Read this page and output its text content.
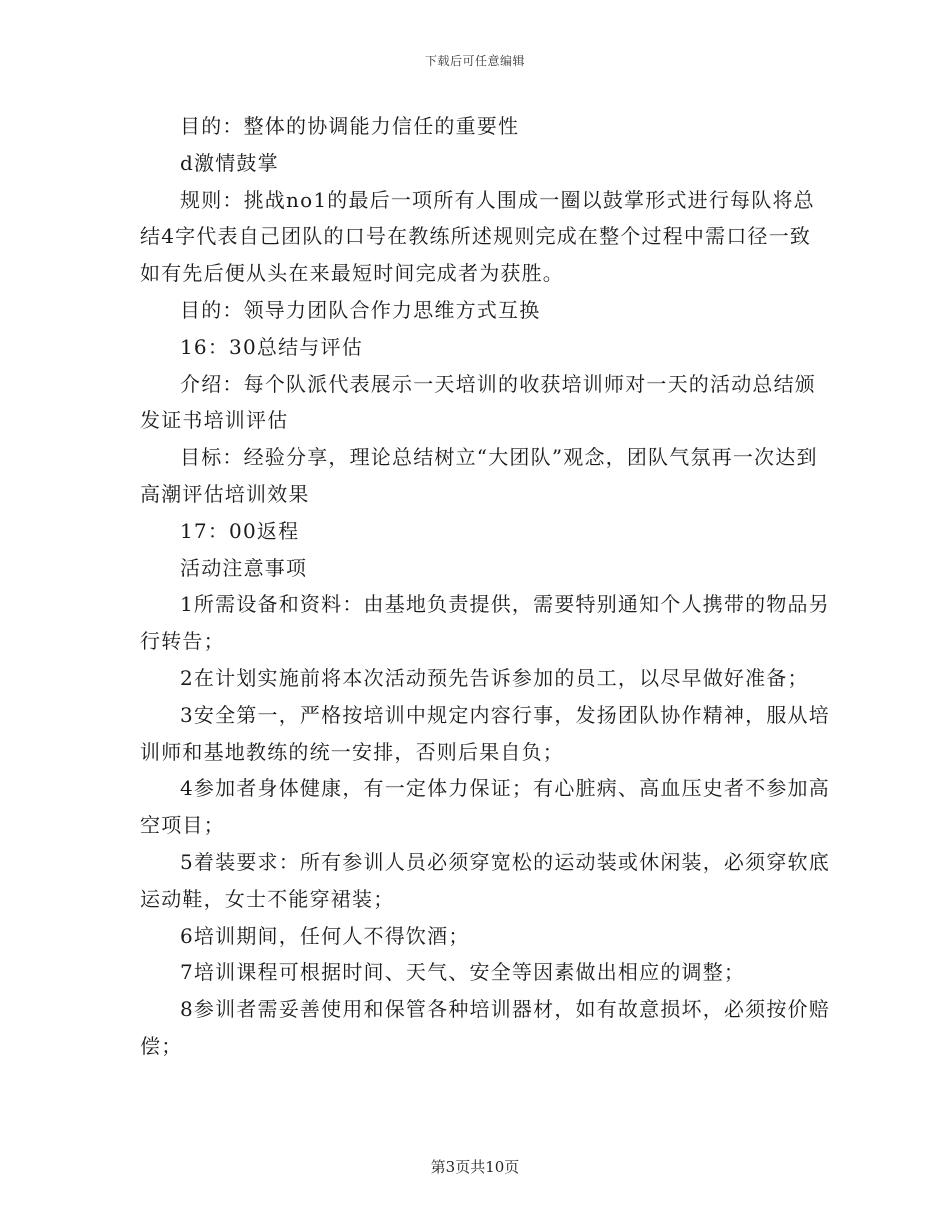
下载后可任意编辑

目的：整体的协调能力信任的重要性

d激情鼓掌

规则：挑战no1的最后一项所有人围成一圈以鼓掌形式进行每队将总结4字代表自己团队的口号在教练所述规则完成在整个过程中需口径一致如有先后便从头在来最短时间完成者为获胜。

目的：领导力团队合作力思维方式互换

16：30总结与评估

介绍：每个队派代表展示一天培训的收获培训师对一天的活动总结颁发证书培训评估

目标：经验分享，理论总结树立“大团队”观念，团队气氛再一次达到高潮评估培训效果

17：00返程

活动注意事项

1所需设备和资料：由基地负责提供，需要特别通知个人携带的物品另行转告；

2在计划实施前将本次活动预先告诉参加的员工，以尽早做好准备；

3安全第一，严格按培训中规定内容行事，发扬团队协作精神，服从培训师和基地教练的统一安排，否则后果自负；

4参加者身体健康，有一定体力保证；有心脏病、高血压史者不参加高空项目；

5着装要求：所有参训人员必须穿宽松的运动装或休闲装，必须穿软底运动鞋，女士不能穿裙装；

6培训期间，任何人不得饮酒；

7培训课程可根据时间、天气、安全等因素做出相应的调整；

8参训者需妥善使用和保管各种培训器材，如有故意损坏，必须按价赔偿；

第3页共10页
